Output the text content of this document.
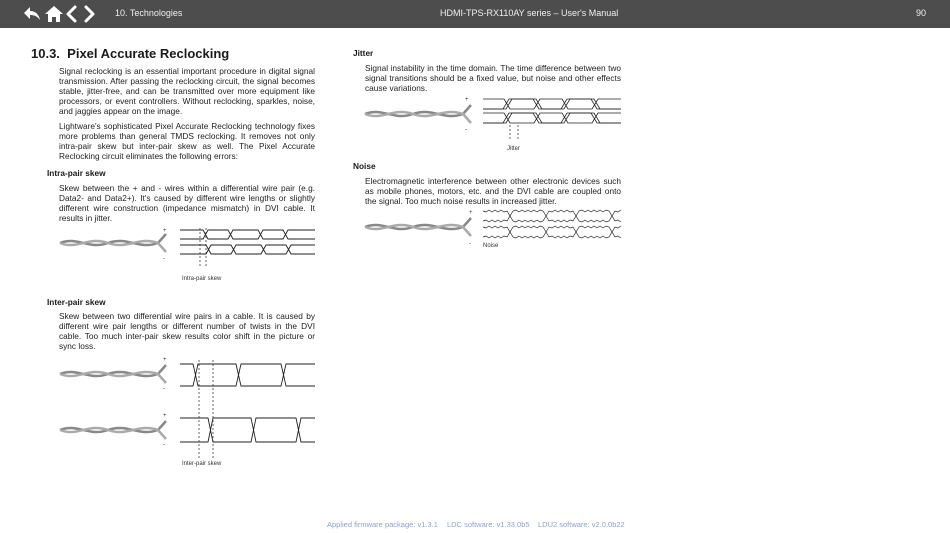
10. Technologies	HDMI-TPS-RX110AY series – User's Manual	90
10.3. Pixel Accurate Reclocking

Signal reclocking is an essential important procedure in digital signal transmission. After passing the reclocking circuit, the signal becomes stable, jitter-free, and can be transmitted over more equipment like processors, or event controllers. Without reclocking, sparkles, noise, and jaggies appear on the image.

Lightware's sophisticated Pixel Accurate Reclocking technology fixes more problems than general TMDS reclocking. It removes not only intra-pair skew but inter-pair skew as well. The Pixel Accurate Reclocking circuit eliminates the following errors:

Intra-pair skew

Skew between the + and - wires within a differential wire pair (e.g. Data2- and Data2+). It's caused by different wire lengths or slightly different wire construction (impedance mismatch) in DVI cable. It results in jitter.

+
-
Intra-pair skew
Inter-pair skew

Skew between two differential wire pairs in a cable. It is caused by different wire pair lengths or different number of twists in the DVI cable. Too much inter-pair skew results color shift in the picture or sync loss.

+
-
+
-
Inter-pair skew
Jitter

Signal instability in the time domain. The time difference between two signal transitions should be a fixed value, but noise and other effects cause variations.

+
-
Jitter
Noise

Electromagnetic interference between other electronic devices such as mobile phones, motors, etc. and the DVI cable are coupled onto the signal. Too much noise results in increased jitter.

+
- Noise
Applied firmware package: v1.3.1 LDC software: v1.33.0b5 LDU2 software: v2.0.0b22
